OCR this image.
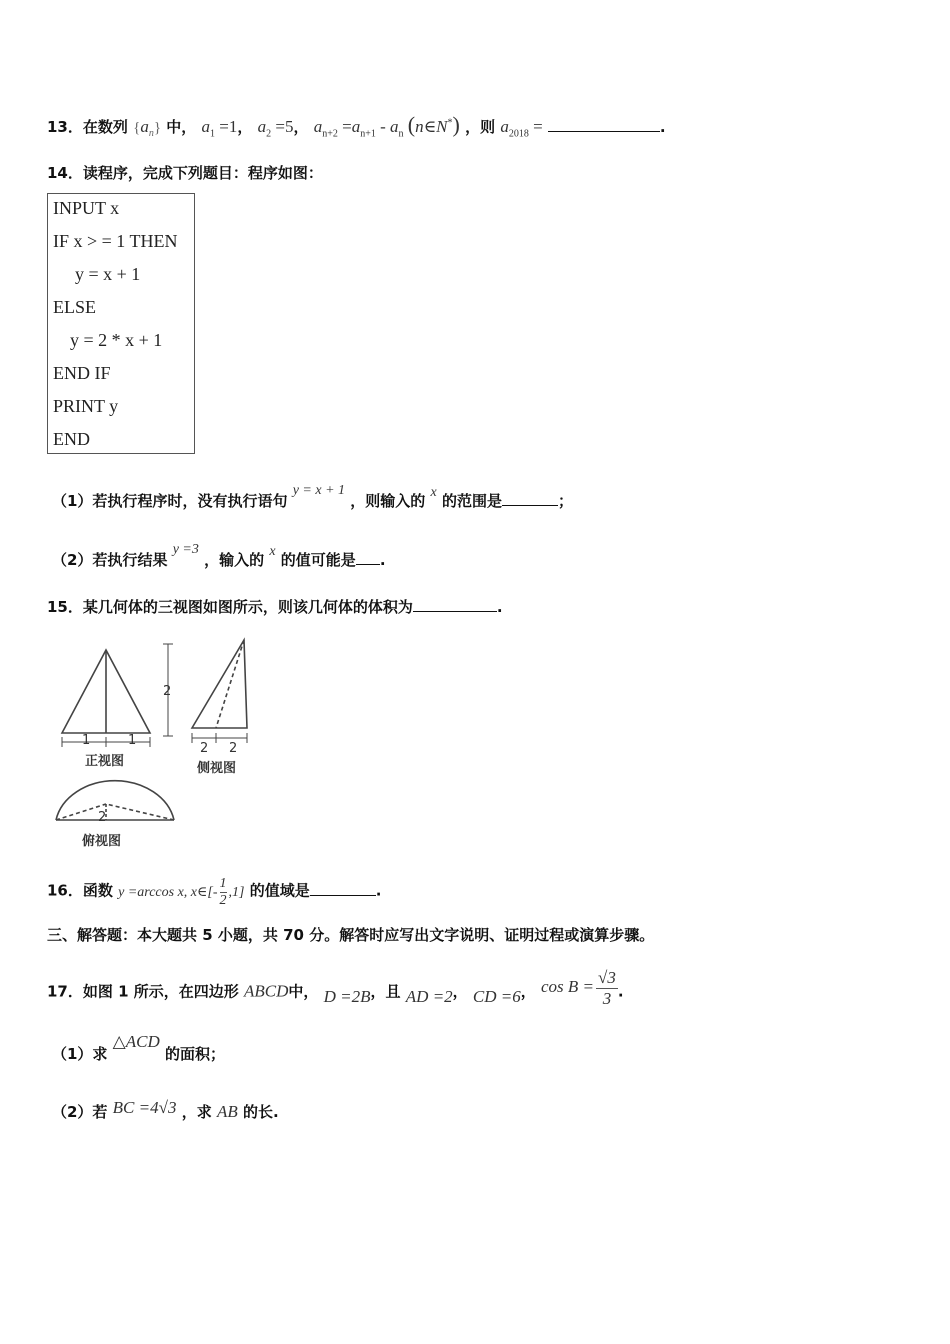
13．在数列 $\{a_n\}$ 中， $a_1 =1$， $a_2 =5$， $a_{n+2} =a_{n+1} - a_n$ (n∈N*) ，则 $a_{2018}$ =	.
14．读程序，完成下列题目：程序如图：
INPUT x
IF x > = 1 THEN
y = x + 1
ELSE
y = 2 * x + 1
END IF
PRINT y
END
（1）若执行程序时，没有执行语句 y = x + 1 ，则输入的 x 的范围是	；
（2）若执行结果 y =3 ，输入的 x 的值可能是 .
15．某几何体的三视图如图所示，则该几何体的体积为	.
1	1
2
2 2
2
正视图	侧视图
俯视图
16．函数 y =arccos x, x∈[- $\frac{1}{2} ,1$] 的值域是	.
三、解答题：本大题共 5 小题，共 70 分。解答时应写出文字说明、证明过程或演算步骤。
17．如图 1 所示，在四边形 ABCD中， D =2B，且 AD =2， CD =6， $\cos B = \frac{√3}{3}$ .
（1）求 △ACD 的面积；
（2）若 BC =4√3 ，求 AB 的长.
